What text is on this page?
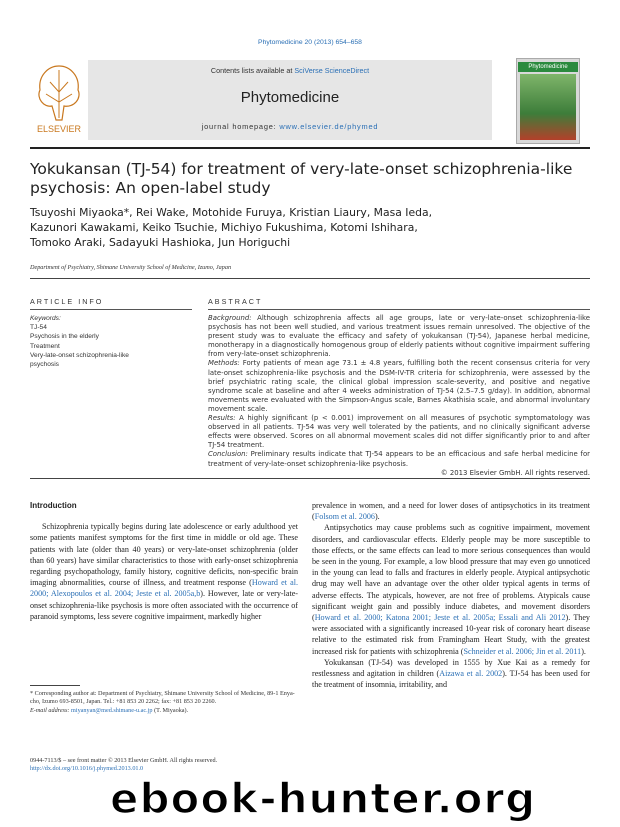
Phytomedicine 20 (2013) 654–658
ELSEVIER
Contents lists available at SciVerse ScienceDirect
Phytomedicine
journal homepage: www.elsevier.de/phymed
Phytomedicine
Yokukansan (TJ-54) for treatment of very-late-onset schizophrenia-like psychosis: An open-label study
Tsuyoshi Miyaoka*, Rei Wake, Motohide Furuya, Kristian Liaury, Masa Ieda,
Kazunori Kawakami, Keiko Tsuchie, Michiyo Fukushima, Kotomi Ishihara,
Tomoko Araki, Sadayuki Hashioka, Jun Horiguchi
Department of Psychiatry, Shimane University School of Medicine, Izumo, Japan
ARTICLE INFO	ABSTRACT
Keywords:
TJ-54
Psychosis in the elderly
Treatment
Very-late-onset schizophrenia-like
psychosis

Background: Although schizophrenia affects all age groups, late or very-late-onset schizophrenia-like psychosis has not been well studied, and various treatment issues remain unresolved. The objective of the present study was to evaluate the efficacy and safety of yokukansan (TJ-54), Japanese herbal medicine, monotherapy in a diagnostically homogenous group of elderly patients without cognitive impairment suffering from very-late-onset schizophrenia.

Methods: Forty patients of mean age 73.1 ± 4.8 years, fulfilling both the recent consensus criteria for very late-onset schizophrenia-like psychosis and the DSM-IV-TR criteria for schizophrenia, were assessed by the brief psychiatric rating scale, the clinical global impression scale-severity, and positive and negative syndrome scale at baseline and after 4 weeks administration of TJ-54 (2.5–7.5 g/day). In addition, abnormal movements were evaluated with the Simpson-Angus scale, Barnes Akathisia scale, and abnormal involuntary movement scale.

Results: A highly significant (p < 0.001) improvement on all measures of psychotic symptomatology was observed in all patients. TJ-54 was very well tolerated by the patients, and no clinically significant adverse effects were observed. Scores on all abnormal movement scales did not differ significantly prior to and after TJ-54 treatment.

Conclusion: Preliminary results indicate that TJ-54 appears to be an efficacious and safe herbal medicine for treatment of very-late-onset schizophrenia-like psychosis.

© 2013 Elsevier GmbH. All rights reserved.

Introduction

Schizophrenia typically begins during late adolescence or early adulthood yet some patients manifest symptoms for the first time in middle or old age. These patients with late (older than 40 years) or very-late-onset schizophrenia (older than 60 years) have similar characteristics to those with early-onset schizophrenia regarding psychopathology, family history, cognitive deficits, non-specific brain imaging abnormalities, course of illness, and treatment response (Howard et al. 2000; Alexopoulos et al. 2004; Jeste et al. 2005a,b). However, late or very-late-onset schizophrenia-like psychosis is more often associated with the occurrence of paranoid symptoms, less severe cognitive impairment, markedly higher

prevalence in women, and a need for lower doses of antipsychotics in its treatment (Folsom et al. 2006).

Antipsychotics may cause problems such as cognitive impairment, movement disorders, and cardiovascular effects. Elderly people may be more susceptible to those effects, or the same effects can lead to more serious consequences than would be seen in the young. For example, a low blood pressure that may even go unnoticed in the young can lead to falls and fractures in elderly people. Atypical antipsychotic drug may well have an advantage over the other older typical agents in terms of adverse effects. The atypicals, however, are not free of problems. Atypicals cause significant weight gain and possibly induce diabetes, and movement disorders (Howard et al. 2000; Katona 2001; Jeste et al. 2005a; Essali and Ali 2012). They were associated with a significantly increased 10-year risk of coronary heart disease relative to the estimated risk from Framingham Heart Study, with the greatest increased risk for patients with schizophrenia (Schneider et al. 2006; Jin et al. 2011).

Yokukansan (TJ-54) was developed in 1555 by Xue Kai as a remedy for restlessness and agitation in children (Aizawa et al. 2002). TJ-54 has been used for the treatment of insomnia, irritability, and

* Corresponding author at: Department of Psychiatry, Shimane University School of Medicine, 89-1 Enya-cho, Izumo 693-8501, Japan. Tel.: +81 853 20 2262; fax: +81 853 20 2260.
E-mail address: miyanyan@med.shimane-u.ac.jp (T. Miyaoka).
0944-7113/$ – see front matter © 2013 Elsevier GmbH. All rights reserved.
http://dx.doi.org/10.1016/j.phymed.2013.01.0
ebook-hunter.org
